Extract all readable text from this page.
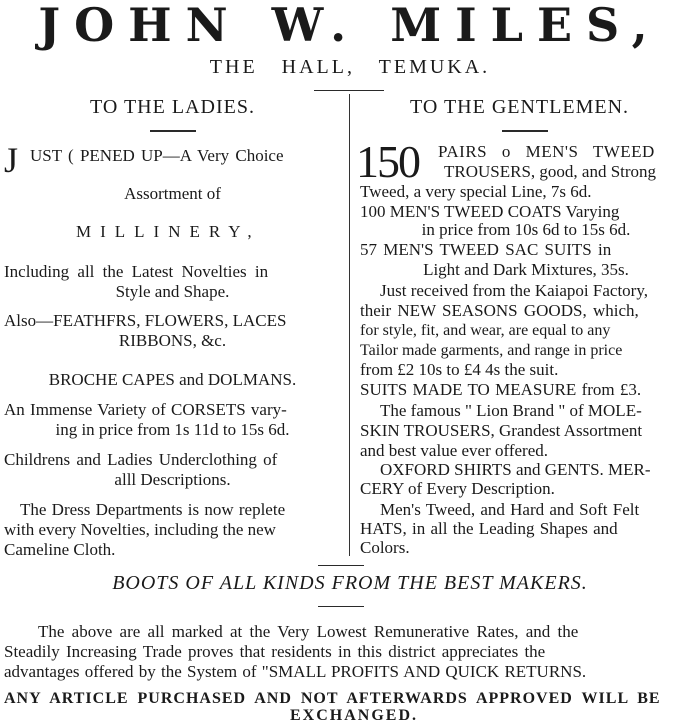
JOHN W. MILES,
THE HALL, TEMUKA.
TO THE LADIES.
J UST ( PENED UP—A Very Choice
Assortment of
MILLINERY,
Including all the Latest Novelties in
Style and Shape.
Also—FEATHFRS, FLOWERS, LACES
RIBBONS, &c.
BROCHE CAPES and DOLMANS.
An Immense Variety of CORSETS vary-
ing in price from 1s 11d to 15s 6d.
Childrens and Ladies Underclothing of
alll Descriptions.
The Dress Departments is now replete
with every Novelties, including the new
Cameline Cloth.
TO THE GENTLEMEN.
150 PAIRS o MEN'S TWEED
TROUSERS, good, and Strong
Tweed, a very special Line, 7s 6d.
100 MEN'S TWEED COATS Varying
in price from 10s 6d to 15s 6d.
57 MEN'S TWEED SAC SUITS in
Light and Dark Mixtures, 35s.
Just received from the Kaiapoi Factory,
their NEW SEASONS GOODS, which,
for style, fit, and wear, are equal to any
Tailor made garments, and range in price
from £2 10s to £4 4s the suit.
SUITS MADE TO MEASURE from £3.
The famous " Lion Brand " of MOLE-
SKIN TROUSERS, Grandest Assortment
and best value ever offered.
OXFORD SHIRTS and GENTS. MER-
CERY of Every Description.
Men's Tweed, and Hard and Soft Felt
HATS, in all the Leading Shapes and
Colors.
BOOTS OF ALL KINDS FROM THE BEST MAKERS.
The above are all marked at the Very Lowest Remunerative Rates, and the
Steadily Increasing Trade proves that residents in this district appreciates the
advantages offered by the System of "SMALL PROFITS AND QUICK RETURNS.
ANY ARTICLE PURCHASED AND NOT AFTERWARDS APPROVED WILL BE
EXCHANGED.
